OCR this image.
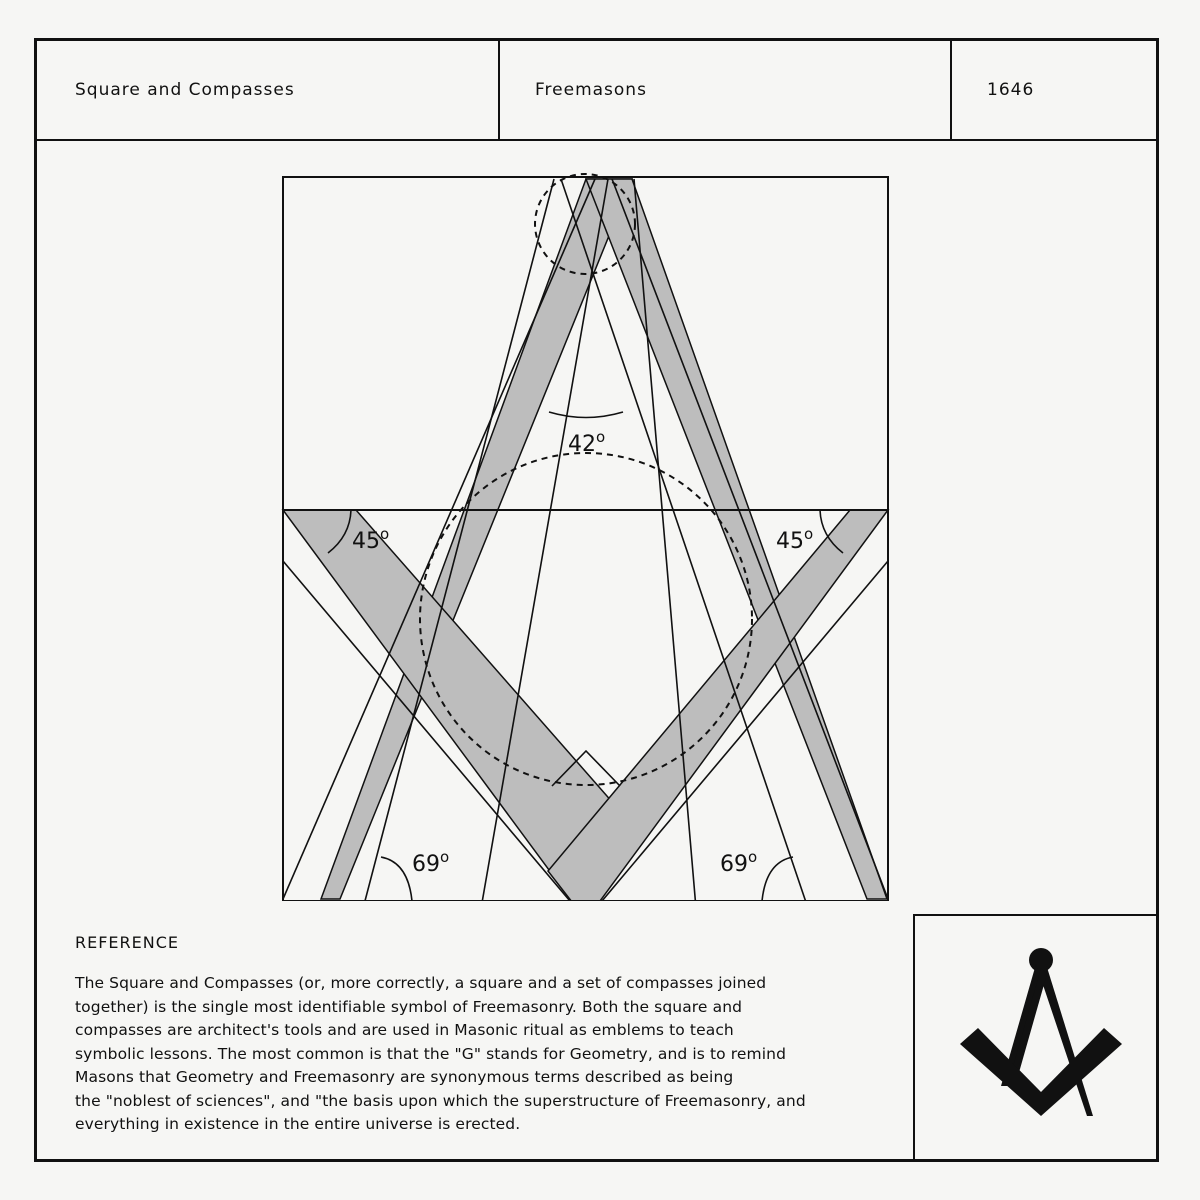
Square and Compasses	Freemasons	1646
42$^o$
45$^o$	45$^o$
69$^o$	69$^o$
REFERENCE
The Square and Compasses (or, more correctly, a square and a set of compasses joined
together) is the single most identifiable symbol of Freemasonry. Both the square and
compasses are architect's tools and are used in Masonic ritual as emblems to teach
symbolic lessons. The most common is that the "G" stands for Geometry, and is to remind
Masons that Geometry and Freemasonry are synonymous terms described as being
the "noblest of sciences", and "the basis upon which the superstructure of Freemasonry, and
everything in existence in the entire universe is erected.
